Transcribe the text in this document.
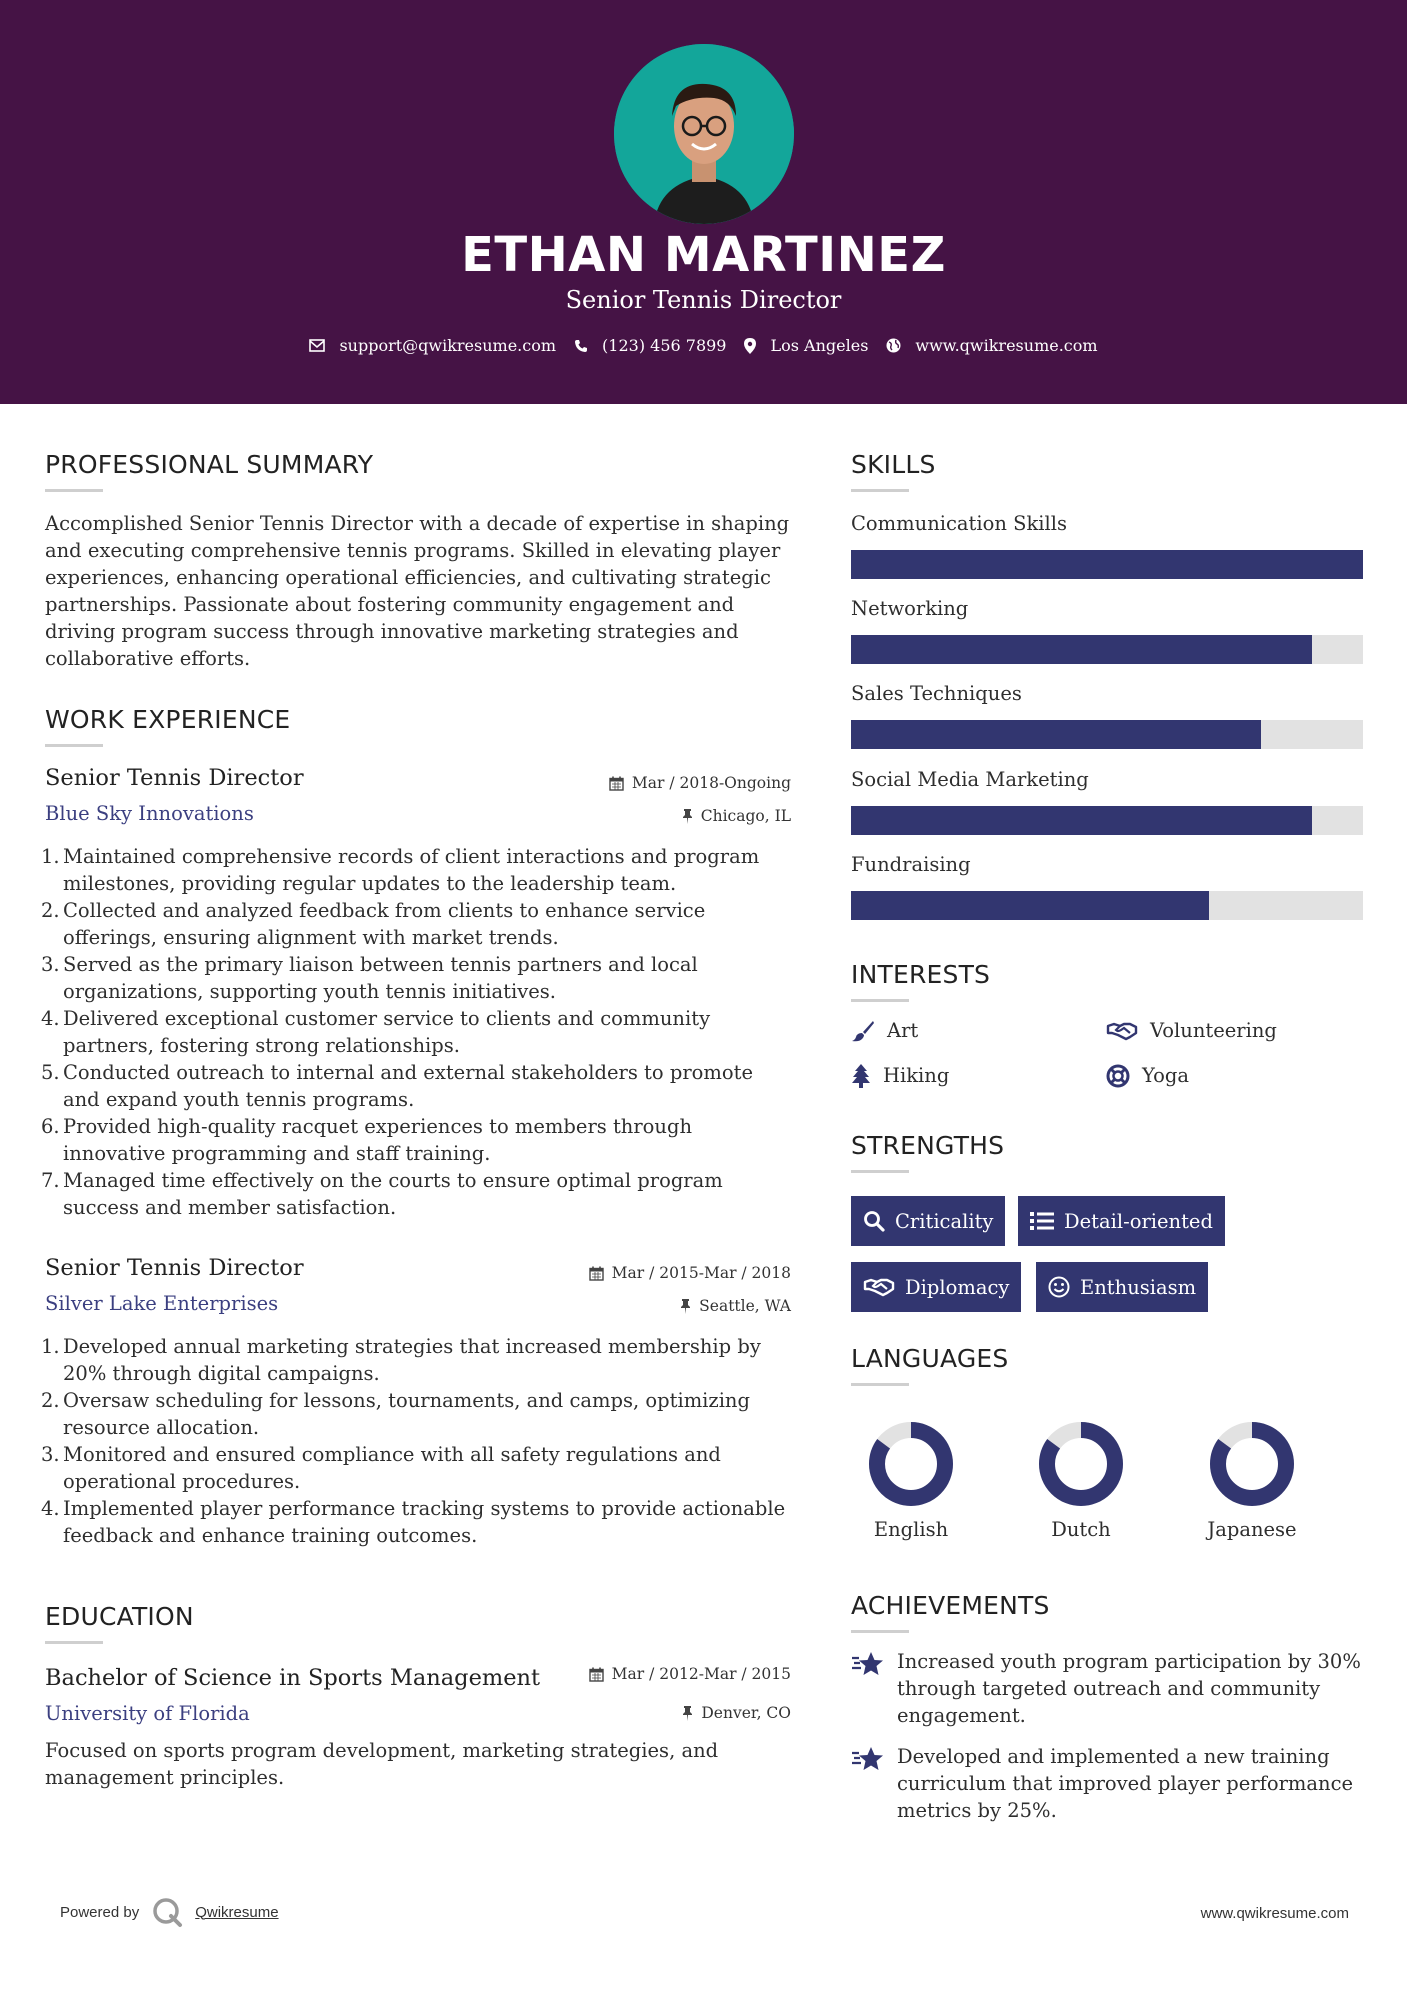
ETHAN MARTINEZ
Senior Tennis Director
support@qwikresume.com	(123) 456 7899	Los Angeles	www.qwikresume.com
PROFESSIONAL SUMMARY
Accomplished Senior Tennis Director with a decade of expertise in shaping and executing comprehensive tennis programs. Skilled in elevating player experiences, enhancing operational efficiencies, and cultivating strategic partnerships. Passionate about fostering community engagement and driving program success through innovative marketing strategies and collaborative efforts.
WORK EXPERIENCE
Senior Tennis Director	Mar / 2018-Ongoing
Blue Sky Innovations	Chicago, IL
1. Maintained comprehensive records of client interactions and program milestones, providing regular updates to the leadership team.
2. Collected and analyzed feedback from clients to enhance service offerings, ensuring alignment with market trends.
3. Served as the primary liaison between tennis partners and local organizations, supporting youth tennis initiatives.
4. Delivered exceptional customer service to clients and community partners, fostering strong relationships.
5. Conducted outreach to internal and external stakeholders to promote and expand youth tennis programs.
6. Provided high-quality racquet experiences to members through innovative programming and staff training.
7. Managed time effectively on the courts to ensure optimal program success and member satisfaction.
Senior Tennis Director	Mar / 2015-Mar / 2018
Silver Lake Enterprises	Seattle, WA
1. Developed annual marketing strategies that increased membership by 20% through digital campaigns.
2. Oversaw scheduling for lessons, tournaments, and camps, optimizing resource allocation.
3. Monitored and ensured compliance with all safety regulations and operational procedures.
4. Implemented player performance tracking systems to provide actionable feedback and enhance training outcomes.
EDUCATION
Bachelor of Science in Sports Management	Mar / 2012-Mar / 2015
University of Florida	Denver, CO
Focused on sports program development, marketing strategies, and management principles.
SKILLS
Communication Skills
Networking
Sales Techniques
Social Media Marketing
Fundraising
INTERESTS
Art	Volunteering
Hiking	Yoga
STRENGTHS
Criticality	Detail-oriented
Diplomacy	Enthusiasm
LANGUAGES
English	Dutch	Japanese
ACHIEVEMENTS
Increased youth program participation by 30% through targeted outreach and community engagement.
Developed and implemented a new training curriculum that improved player performance metrics by 25%.
Powered by	Qwikresume	www.qwikresume.com
